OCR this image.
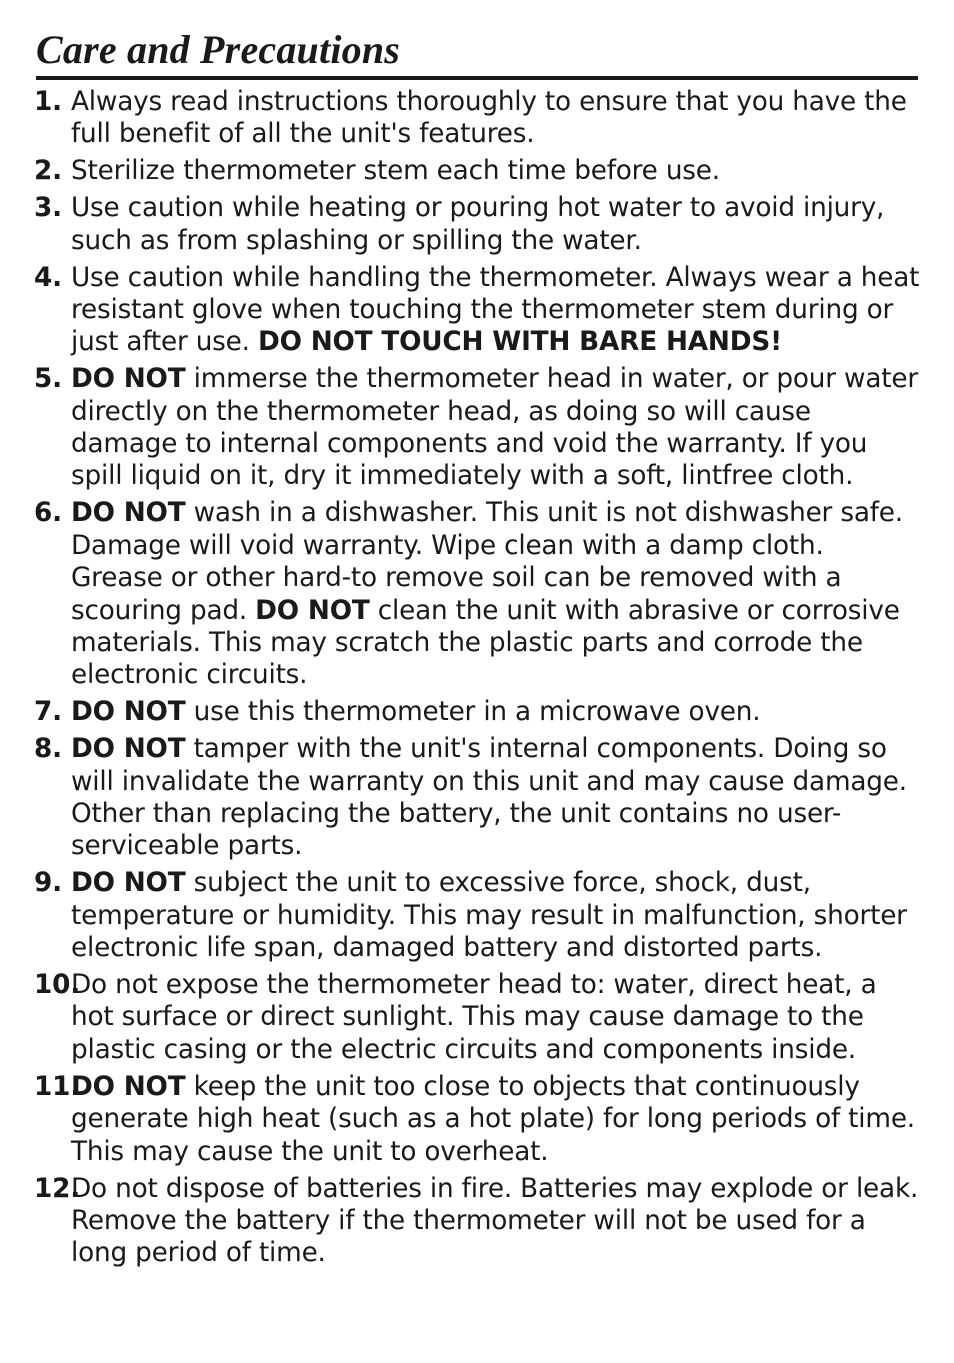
Care and Precautions
1. Always read instructions thoroughly to ensure that you have the full benefit of all the unit's features.
2. Sterilize thermometer stem each time before use.
3. Use caution while heating or pouring hot water to avoid injury, such as from splashing or spilling the water.
4. Use caution while handling the thermometer. Always wear a heat resistant glove when touching the thermometer stem during or just after use. DO NOT TOUCH WITH BARE HANDS!
5. DO NOT immerse the thermometer head in water, or pour water directly on the thermometer head, as doing so will cause damage to internal components and void the warranty. If you spill liquid on it, dry it immediately with a soft, lintfree cloth.
6. DO NOT wash in a dishwasher. This unit is not dishwasher safe. Damage will void warranty. Wipe clean with a damp cloth. Grease or other hard-to remove soil can be removed with a scouring pad. DO NOT clean the unit with abrasive or corrosive materials. This may scratch the plastic parts and corrode the electronic circuits.
7. DO NOT use this thermometer in a microwave oven.
8. DO NOT tamper with the unit's internal components. Doing so will invalidate the warranty on this unit and may cause damage. Other than replacing the battery, the unit contains no user-serviceable parts.
9. DO NOT subject the unit to excessive force, shock, dust, temperature or humidity. This may result in malfunction, shorter electronic life span, damaged battery and distorted parts.
10.
Do not expose the thermometer head to: water, direct heat, a hot surface or direct sunlight. This may cause damage to the plastic casing or the electric circuits and components inside.
11.
DO NOT keep the unit too close to objects that continuously generate high heat (such as a hot plate) for long periods of time. This may cause the unit to overheat.
12.
Do not dispose of batteries in fire. Batteries may explode or leak. Remove the battery if the thermometer will not be used for a long period of time.
